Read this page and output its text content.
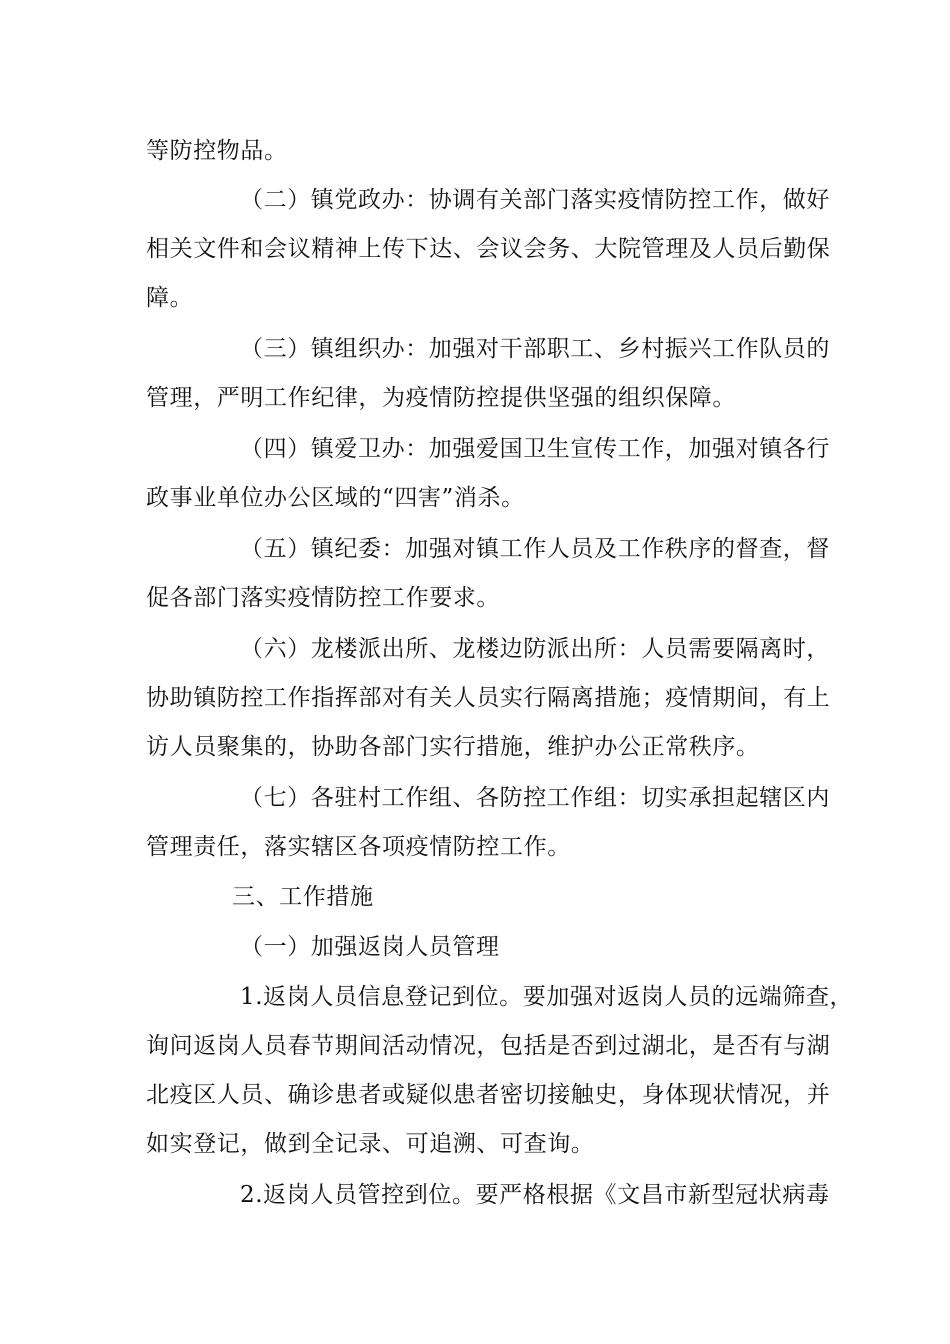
等防控物品。
（二）镇党政办：协调有关部门落实疫情防控工作，做好
相关文件和会议精神上传下达、会议会务、大院管理及人员后勤保
障。
（三）镇组织办：加强对干部职工、乡村振兴工作队员的
管理，严明工作纪律，为疫情防控提供坚强的组织保障。
（四）镇爱卫办：加强爱国卫生宣传工作，加强对镇各行
政事业单位办公区域的“四害”消杀。
（五）镇纪委：加强对镇工作人员及工作秩序的督查，督
促各部门落实疫情防控工作要求。
（六）龙楼派出所、龙楼边防派出所：人员需要隔离时，
协助镇防控工作指挥部对有关人员实行隔离措施；疫情期间，有上
访人员聚集的，协助各部门实行措施，维护办公正常秩序。
（七）各驻村工作组、各防控工作组：切实承担起辖区内
管理责任，落实辖区各项疫情防控工作。
三、工作措施
（一）加强返岗人员管理
1.返岗人员信息登记到位。要加强对返岗人员的远端筛查，
询问返岗人员春节期间活动情况，包括是否到过湖北，是否有与湖
北疫区人员、确诊患者或疑似患者密切接触史，身体现状情况，并
如实登记，做到全记录、可追溯、可查询。
2.返岗人员管控到位。要严格根据《文昌市新型冠状病毒
